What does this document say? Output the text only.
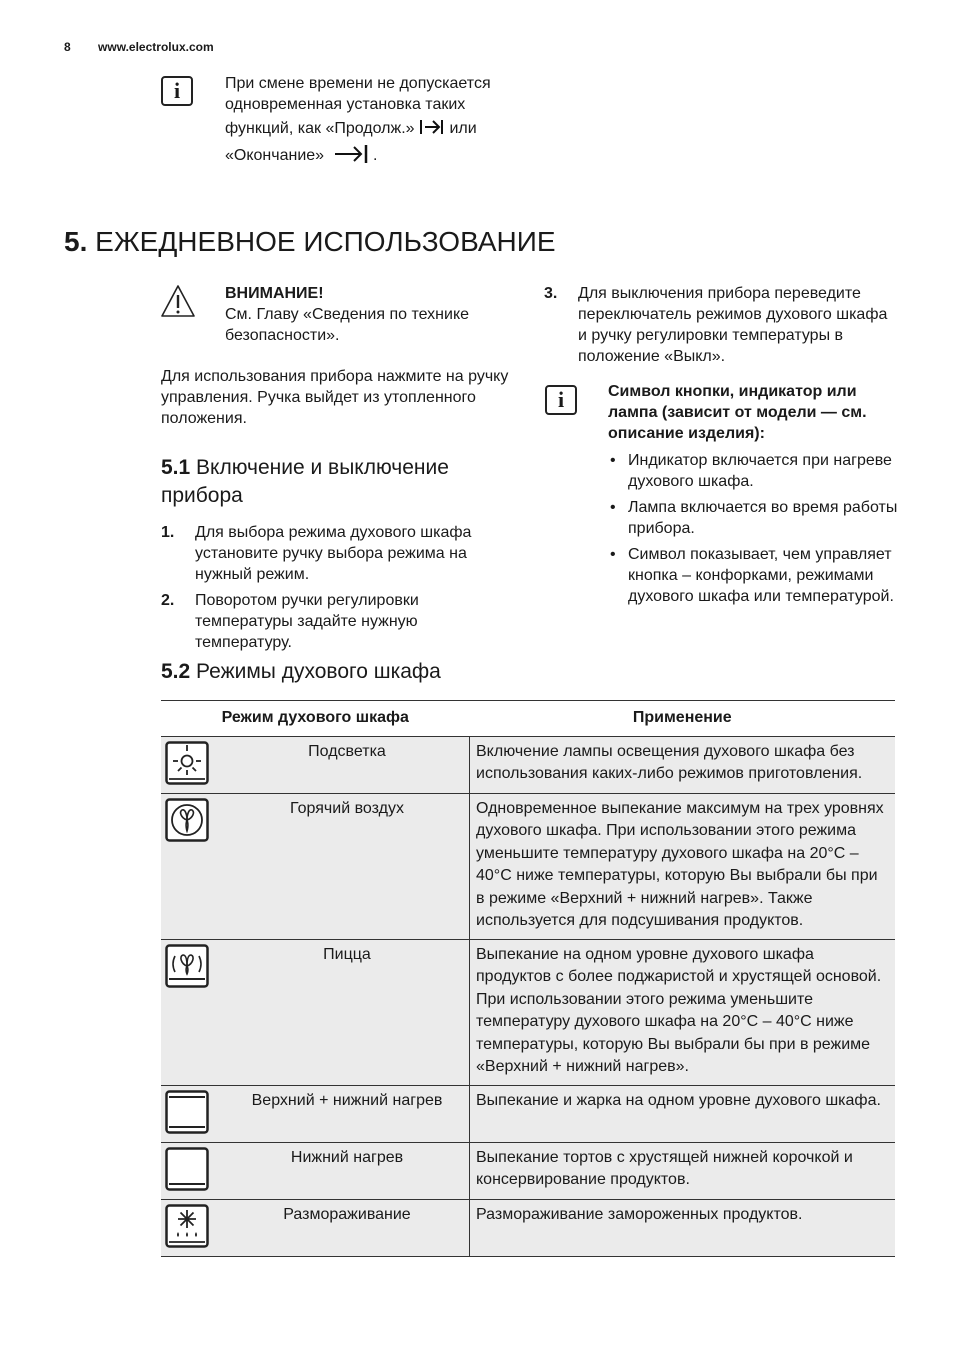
8 www.electrolux.com
i	При смене времени не допускается

одновременная установка таких

функций, как «Продолж.» или

«Окончание»	.

5. ЕЖЕДНЕВНОЕ ИСПОЛЬЗОВАНИЕ

ВНИМАНИЕ!

См. Главу «Сведения по технике безопасности».

Для использования прибора нажмите на ручку управления. Ручка выйдет из утопленного положения.

5.1 Включение и выключение прибора
1. Для выбора режима духового шкафа установите ручку выбора режима на нужный режим.
2. Поворотом ручки регулировки температуры задайте нужную температуру.
3. Для выключения прибора переведите переключатель режимов духового шкафа и ручку регулировки температуры в положение «Выкл».
i	Символ кнопки, индикатор или лампа (зависит от модели — см. описание изделия):

• Индикатор включается при нагреве духового шкафа.
• Лампа включается во время работы прибора.
• Символ показывает, чем управляет кнопка – конфорками, режимами духового шкафа или температурой.
5.2 Режимы духового шкафа
Режим духового шкафа		Применение

	Подсветка	Включение лампы освещения духового шкафа без использования каких-либо режимов приготовления.

	Горячий воздух	Одновременное выпекание максимум на трех уровнях духового шкафа. При использовании этого режима уменьшите температуру духового шкафа на 20°C – 40°C ниже температуры, которую Вы выбрали бы при в режиме «Верхний + нижний нагрев». Также используется для подсушивания продуктов.

	Пицца	Выпекание на одном уровне духового шкафа продуктов с более поджаристой и хрустящей основой. При использовании этого режима уменьшите температуру духового шкафа на 20°C – 40°C ниже температуры, которую Вы выбрали бы при в режиме «Верхний + нижний нагрев».

	Верхний + нижний нагрев	Выпекание и жарка на одном уровне духового шкафа.

	Нижний нагрев	Выпекание тортов с хрустящей нижней корочкой и консервирование продуктов.

	Размораживание	Размораживание замороженных продуктов.
